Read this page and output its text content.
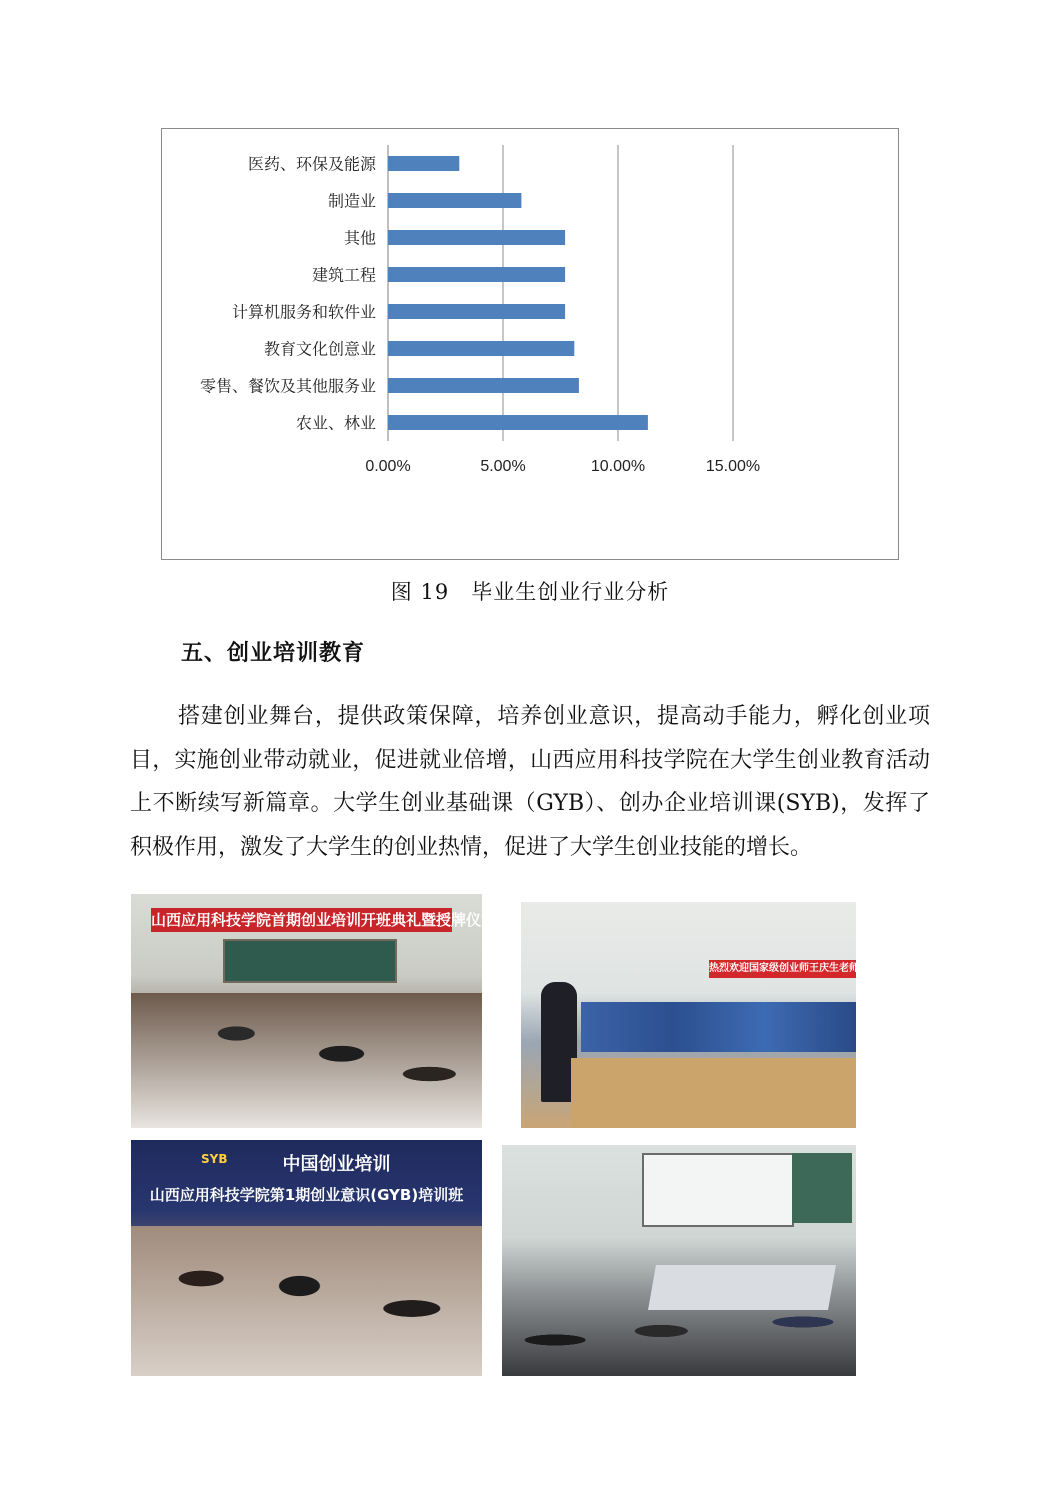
0.00%	5.00%	10.00%	15.00%
医药、环保及能源
制造业
其他
建筑工程
计算机服务和软件业
教育文化创意业
零售、餐饮及其他服务业
农业、林业
图 19 毕业生创业行业分析
五、创业培训教育
搭建创业舞台，提供政策保障，培养创业意识，提高动手能力，孵化创业项目，实施创业带动就业，促进就业倍增，山西应用科技学院在大学生创业教育活动上不断续写新篇章。大学生创业基础课（GYB）、创办企业培训课(SYB)，发挥了积极作用，激发了大学生的创业热情，促进了大学生创业技能的增长。
山西应用科技学院首期创业培训开班典礼暨授牌仪式
热烈欢迎国家级创业师王庆生老师来我院讲学
SYB	中国创业培训
山西应用科技学院第1期创业意识(GYB)培训班
